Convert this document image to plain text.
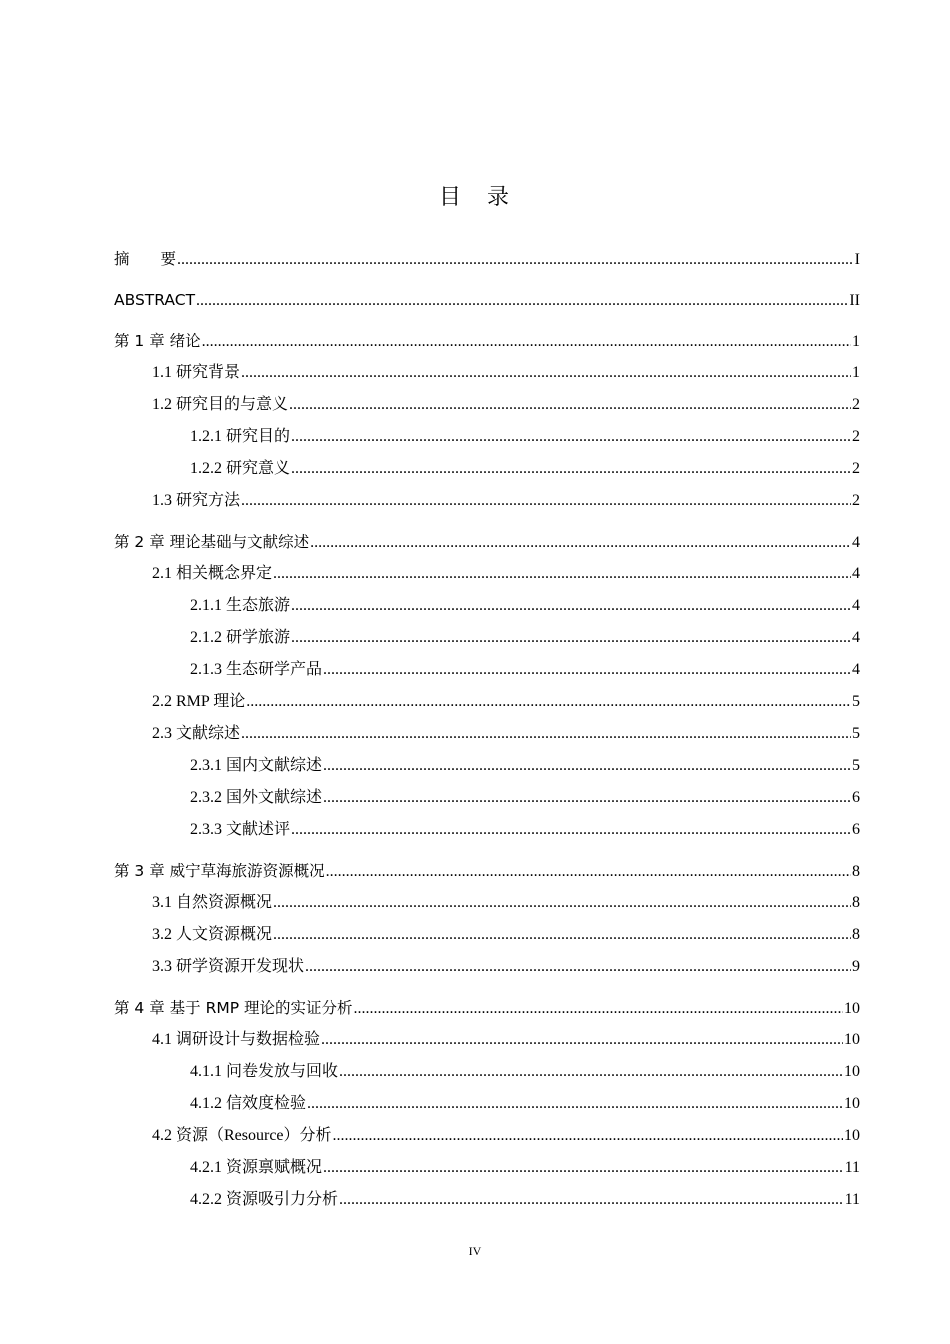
目　录
摘　　要 .....	I
ABSTRACT .....	II
第 1 章 绪论 .....	1
1.1 研究背景 .....	1
1.2 研究目的与意义 .....	2
1.2.1 研究目的 .....	2
1.2.2 研究意义 .....	2
1.3 研究方法 .....	2
第 2 章 理论基础与文献综述 .....	4
2.1 相关概念界定 .....	4
2.1.1 生态旅游 .....	4
2.1.2 研学旅游 .....	4
2.1.3 生态研学产品 .....	4
2.2 RMP 理论 .....	5
2.3 文献综述 .....	5
2.3.1 国内文献综述 .....	5
2.3.2 国外文献综述 .....	6
2.3.3 文献述评 .....	6
第 3 章 威宁草海旅游资源概况 .....	8
3.1 自然资源概况 .....	8
3.2 人文资源概况 .....	8
3.3 研学资源开发现状 .....	9
第 4 章 基于 RMP 理论的实证分析 .....	10
4.1 调研设计与数据检验 .....	10
4.1.1 问卷发放与回收 .....	10
4.1.2 信效度检验 .....	10
4.2 资源（Resource）分析 .....	10
4.2.1 资源禀赋概况 .....	11
4.2.2 资源吸引力分析 .....	11
IV
